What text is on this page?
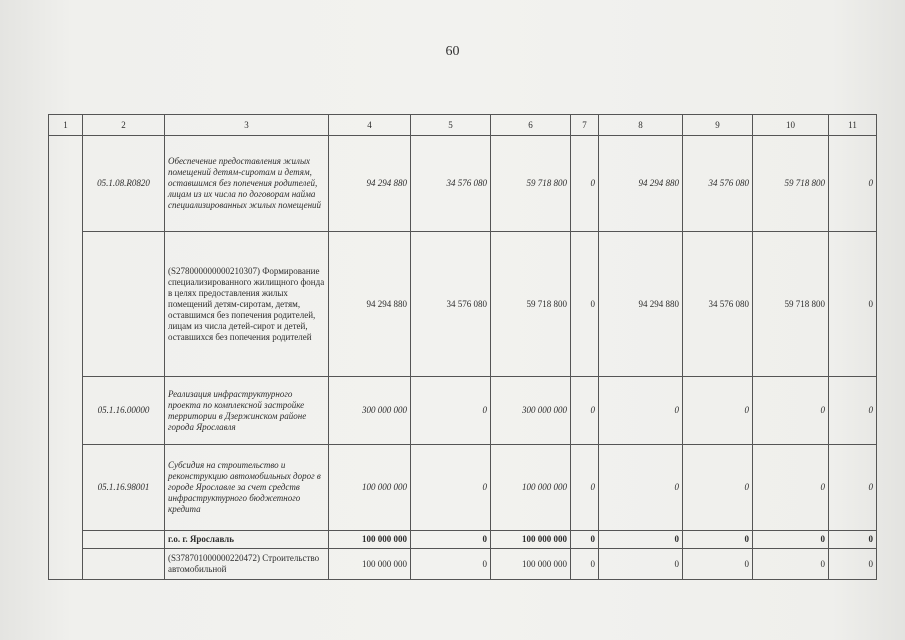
60
1	2	3	4	5	6	7	8	9	10	11
	05.1.08.R0820	Обеспечение предоставления жилых помещений детям-сиротам и детям, оставшимся без попечения родителей, лицам из их числа по договорам найма специализированных жилых помещений	94 294 880	34 576 080	59 718 800	0	94 294 880	34 576 080	59 718 800	0
		(S278000000000210307) Формирование специализированного жилищного фонда в целях предоставления жилых помещений детям-сиротам, детям, оставшимся без попечения родителей, лицам из числа детей-сирот и детей, оставшихся без попечения родителей	94 294 880	34 576 080	59 718 800	0	94 294 880	34 576 080	59 718 800	0
	05.1.16.00000	Реализация инфраструктурного проекта по комплексной застройке территории в Дзержинском районе города Ярославля	300 000 000	0	300 000 000	0	0	0	0	0
	05.1.16.98001	Субсидия на строительство и реконструкцию автомобильных дорог в городе Ярославле за счет средств инфраструктурного бюджетного кредита	100 000 000	0	100 000 000	0	0	0	0	0
		г.о. г. Ярославль	100 000 000	0	100 000 000	0	0	0	0	0
		(S378701000000220472) Строительство автомобильной	100 000 000	0	100 000 000	0	0	0	0	0
